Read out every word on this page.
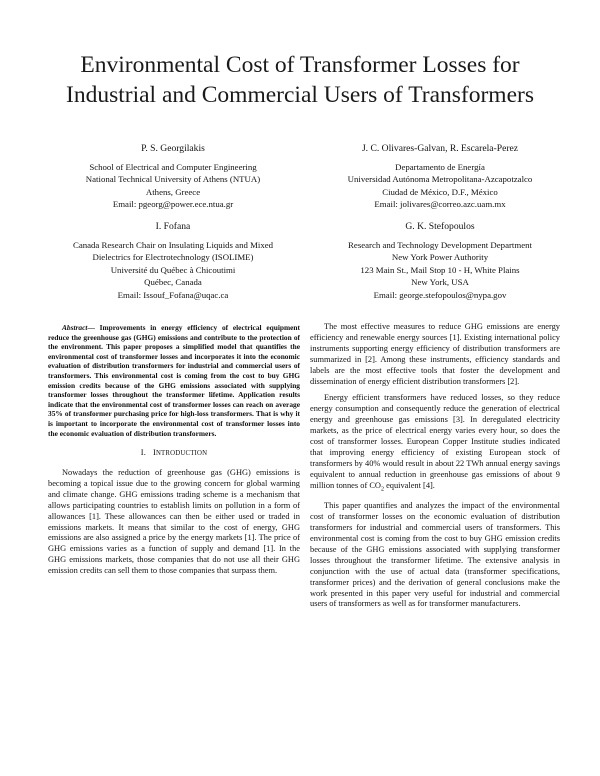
Environmental Cost of Transformer Losses for
Industrial and Commercial Users of Transformers
P. S. Georgilakis
School of Electrical and Computer Engineering
National Technical University of Athens (NTUA)
Athens, Greece
Email: pgeorg@power.ece.ntua.gr
J. C. Olivares-Galvan, R. Escarela-Perez
Departamento de Energía
Universidad Autónoma Metropolitana-Azcapotzalco
Ciudad de México, D.F., México
Email: jolivares@correo.azc.uam.mx
I. Fofana
Canada Research Chair on Insulating Liquids and Mixed
Dielectrics for Electrotechnology (ISOLIME)
Université du Québec à Chicoutimi
Québec, Canada
Email: Issouf_Fofana@uqac.ca
G. K. Stefopoulos
Research and Technology Development Department
New York Power Authority
123 Main St., Mail Stop 10 - H, White Plains
New York, USA
Email: george.stefopoulos@nypa.gov

Abstract— Improvements in energy efficiency of electrical equipment reduce the greenhouse gas (GHG) emissions and contribute to the protection of the environment. This paper proposes a simplified model that quantifies the environmental cost of transformer losses and incorporates it into the economic evaluation of distribution transformers for industrial and commercial users of transformers. This environmental cost is coming from the cost to buy GHG emission credits because of the GHG emissions associated with supplying transformer losses throughout the transformer lifetime. Application results indicate that the environmental cost of transformer losses can reach on average 35% of transformer purchasing price for high-loss transformers. That is why it is important to incorporate the environmental cost of transformer losses into the economic evaluation of distribution transformers.

I. INTRODUCTION

Nowadays the reduction of greenhouse gas (GHG) emissions is becoming a topical issue due to the growing concern for global warming and climate change. GHG emissions trading scheme is a mechanism that allows participating countries to establish limits on pollution in a form of allowances [1]. These allowances can then be either used or traded in emissions markets. It means that similar to the cost of energy, GHG emissions are also assigned a price by the energy markets [1]. The price of GHG emissions varies as a function of supply and demand [1]. In the GHG emissions markets, those companies that do not use all their GHG emission credits can sell them to those companies that surpass them.

The most effective measures to reduce GHG emissions are energy efficiency and renewable energy sources [1]. Existing international policy instruments supporting energy efficiency of distribution transformers are summarized in [2]. Among these instruments, efficiency standards and labels are the most effective tools that foster the development and dissemination of energy efficient distribution transformers [2].

Energy efficient transformers have reduced losses, so they reduce energy consumption and consequently reduce the generation of electrical energy and greenhouse gas emissions [3]. In deregulated electricity markets, as the price of electrical energy varies every hour, so does the cost of transformer losses. European Copper Institute studies indicated that improving energy efficiency of existing European stock of transformers by 40% would result in about 22 TWh annual energy savings equivalent to annual reduction in greenhouse gas emissions of about 9 million tonnes of $CO_2$ equivalent [4].

This paper quantifies and analyzes the impact of the environmental cost of transformer losses on the economic evaluation of distribution transformers for industrial and commercial users of transformers. This environmental cost is coming from the cost to buy GHG emission credits because of the GHG emissions associated with supplying transformer losses throughout the transformer lifetime. The extensive analysis in conjunction with the use of actual data (transformer specifications, transformer prices) and the derivation of general conclusions make the work presented in this paper very useful for industrial and commercial users of transformers as well as for transformer manufacturers.
